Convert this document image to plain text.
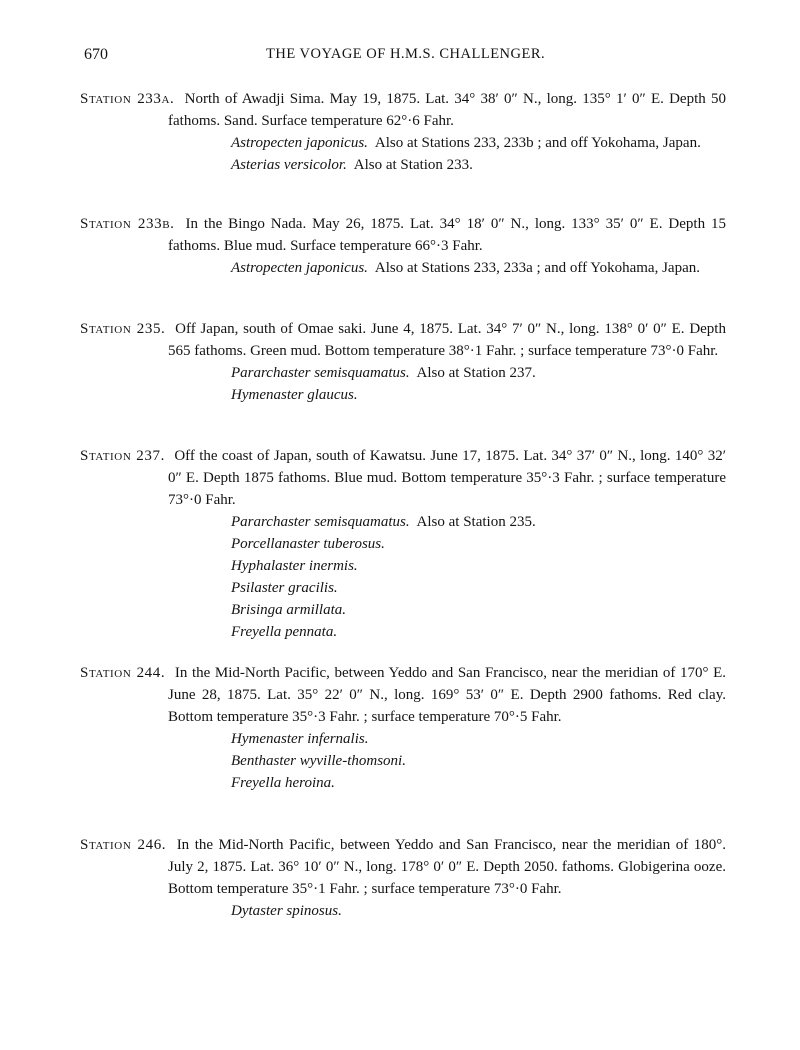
670	THE VOYAGE OF H.M.S. CHALLENGER.
Station 233a. North of Awadji Sima. May 19, 1875. Lat. 34° 38′ 0″ N., long. 135° 1′ 0″ E. Depth 50 fathoms. Sand. Surface temperature 62°·6 Fahr.
Astropecten japonicus. Also at Stations 233, 233b ; and off Yokohama, Japan.
Asterias versicolor. Also at Station 233.
Station 233b. In the Bingo Nada. May 26, 1875. Lat. 34° 18′ 0″ N., long. 133° 35′ 0″ E. Depth 15 fathoms. Blue mud. Surface temperature 66°·3 Fahr.
Astropecten japonicus. Also at Stations 233, 233a ; and off Yokohama, Japan.
Station 235. Off Japan, south of Omae saki. June 4, 1875. Lat. 34° 7′ 0″ N., long. 138° 0′ 0″ E. Depth 565 fathoms. Green mud. Bottom temperature 38°·1 Fahr. ; surface temperature 73°·0 Fahr.
Pararchaster semisquamatus. Also at Station 237.
Hymenaster glaucus.
Station 237. Off the coast of Japan, south of Kawatsu. June 17, 1875. Lat. 34° 37′ 0″ N., long. 140° 32′ 0″ E. Depth 1875 fathoms. Blue mud. Bottom temperature 35°·3 Fahr. ; surface temperature 73°·0 Fahr.
Pararchaster semisquamatus. Also at Station 235.
Porcellanaster tuberosus.
Hyphalaster inermis.
Psilaster gracilis.
Brisinga armillata.
Freyella pennata.
Station 244. In the Mid-North Pacific, between Yeddo and San Francisco, near the meridian of 170° E. June 28, 1875. Lat. 35° 22′ 0″ N., long. 169° 53′ 0″ E. Depth 2900 fathoms. Red clay. Bottom temperature 35°·3 Fahr. ; surface temperature 70°·5 Fahr.
Hymenaster infernalis.
Benthaster wyville-thomsoni.
Freyella heroina.
Station 246. In the Mid-North Pacific, between Yeddo and San Francisco, near the meridian of 180°. July 2, 1875. Lat. 36° 10′ 0″ N., long. 178° 0′ 0″ E. Depth 2050. fathoms. Globigerina ooze. Bottom temperature 35°·1 Fahr. ; surface temperature 73°·0 Fahr.
Dytaster spinosus.
